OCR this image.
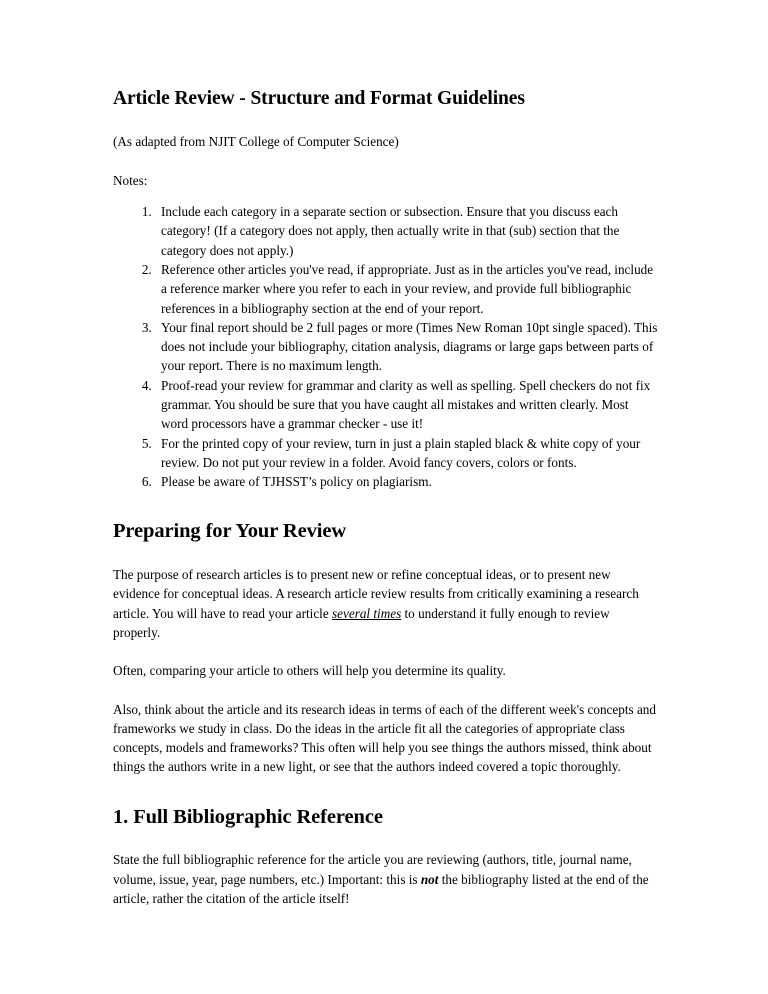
Article Review - Structure and Format Guidelines

(As adapted from NJIT College of Computer Science)

Notes:

1. Include each category in a separate section or subsection. Ensure that you discuss each category! (If a category does not apply, then actually write in that (sub) section that the category does not apply.)
2. Reference other articles you've read, if appropriate. Just as in the articles you've read, include a reference marker where you refer to each in your review, and provide full bibliographic references in a bibliography section at the end of your report.
3. Your final report should be 2 full pages or more (Times New Roman 10pt single spaced). This does not include your bibliography, citation analysis, diagrams or large gaps between parts of your report. There is no maximum length.
4. Proof-read your review for grammar and clarity as well as spelling. Spell checkers do not fix grammar. You should be sure that you have caught all mistakes and written clearly. Most word processors have a grammar checker - use it!
5. For the printed copy of your review, turn in just a plain stapled black & white copy of your review. Do not put your review in a folder. Avoid fancy covers, colors or fonts.
6. Please be aware of TJHSST’s policy on plagiarism.
Preparing for Your Review

The purpose of research articles is to present new or refine conceptual ideas, or to present new evidence for conceptual ideas. A research article review results from critically examining a research article. You will have to read your article several times to understand it fully enough to review properly.

Often, comparing your article to others will help you determine its quality.

Also, think about the article and its research ideas in terms of each of the different week's concepts and frameworks we study in class. Do the ideas in the article fit all the categories of appropriate class concepts, models and frameworks? This often will help you see things the authors missed, think about things the authors write in a new light, or see that the authors indeed covered a topic thoroughly.

1. Full Bibliographic Reference

State the full bibliographic reference for the article you are reviewing (authors, title, journal name, volume, issue, year, page numbers, etc.) Important: this is not the bibliography listed at the end of the article, rather the citation of the article itself!
